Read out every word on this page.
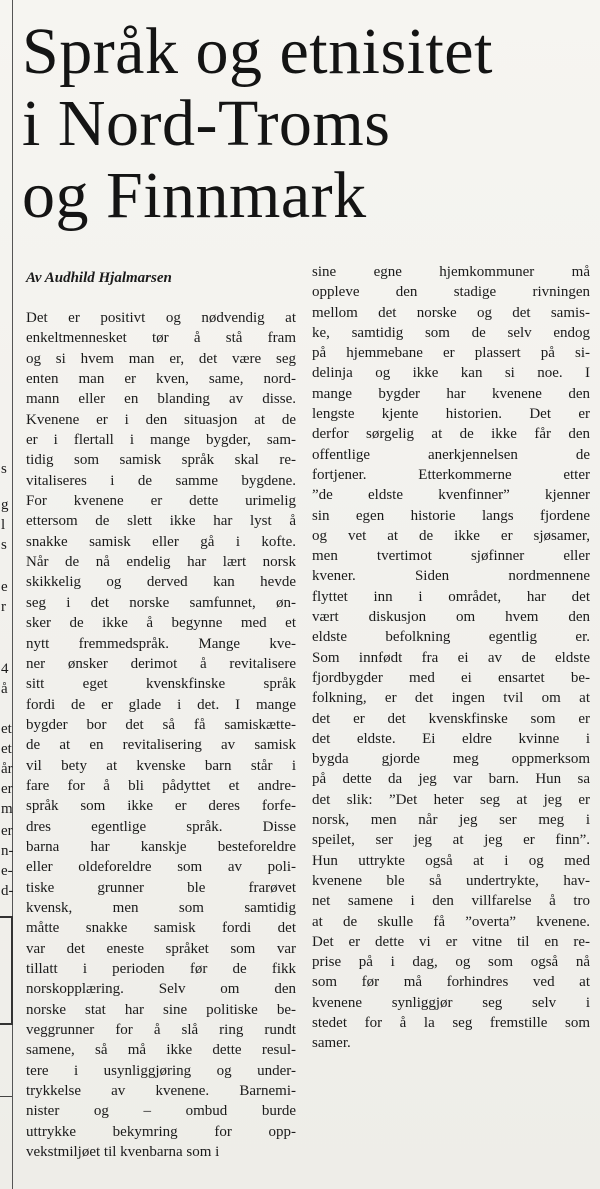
s
g
l
s
e
r
4
å
et
et
år
er
m
er
n-
e-
d-
Språk og etnisitet
i Nord-Troms
og Finnmark
Av Audhild Hjalmarsen
Det er positivt og nødvendig at
enkeltmennesket tør å stå fram
og si hvem man er, det være seg
enten man er kven, same, nord-
mann eller en blanding av disse.
Kvenene er i den situasjon at de
er i flertall i mange bygder, sam-
tidig som samisk språk skal re-
vitaliseres i de samme bygdene.
For kvenene er dette urimelig
ettersom de slett ikke har lyst å
snakke samisk eller gå i kofte.
Når de nå endelig har lært norsk
skikkelig og derved kan hevde
seg i det norske samfunnet, øn-
sker de ikke å begynne med et
nytt fremmedspråk. Mange kve-
ner ønsker derimot å revitalisere
sitt eget kvenskfinske språk
fordi de er glade i det. I mange
bygder bor det så få samiskætte-
de at en revitalisering av samisk
vil bety at kvenske barn står i
fare for å bli pådyttet et andre-
språk som ikke er deres forfe-
dres egentlige språk. Disse
barna har kanskje besteforeldre
eller oldeforeldre som av poli-
tiske grunner ble frarøvet
kvensk, men som samtidig
måtte snakke samisk fordi det
var det eneste språket som var
tillatt i perioden før de fikk
norskopplæring. Selv om den
norske stat har sine politiske be-
veggrunner for å slå ring rundt
samene, så må ikke dette resul-
tere i usynliggjøring og under-
trykkelse av kvenene. Barnemi-
nister og – ombud burde
uttrykke bekymring for opp-
vekstmiljøet til kvenbarna som i
sine egne hjemkommuner må
oppleve den stadige rivningen
mellom det norske og det samis-
ke, samtidig som de selv endog
på hjemmebane er plassert på si-
delinja og ikke kan si noe. I
mange bygder har kvenene den
lengste kjente historien. Det er
derfor sørgelig at de ikke får den
offentlige anerkjennelsen de
fortjener. Etterkommerne etter
”de eldste kvenfinner” kjenner
sin egen historie langs fjordene
og vet at de ikke er sjøsamer,
men tvertimot sjøfinner eller
kvener. Siden nordmennene
flyttet inn i området, har det
vært diskusjon om hvem den
eldste befolkning egentlig er.
Som innfødt fra ei av de eldste
fjordbygder med ei ensartet be-
folkning, er det ingen tvil om at
det er det kvenskfinske som er
det eldste. Ei eldre kvinne i
bygda gjorde meg oppmerksom
på dette da jeg var barn. Hun sa
det slik: ”Det heter seg at jeg er
norsk, men når jeg ser meg i
speilet, ser jeg at jeg er finn”.
Hun uttrykte også at i og med
kvenene ble så undertrykte, hav-
net samene i den villfarelse å tro
at de skulle få ”overta” kvenene.
Det er dette vi er vitne til en re-
prise på i dag, og som også nå
som før må forhindres ved at
kvenene synliggjør seg selv i
stedet for å la seg fremstille som
samer.
